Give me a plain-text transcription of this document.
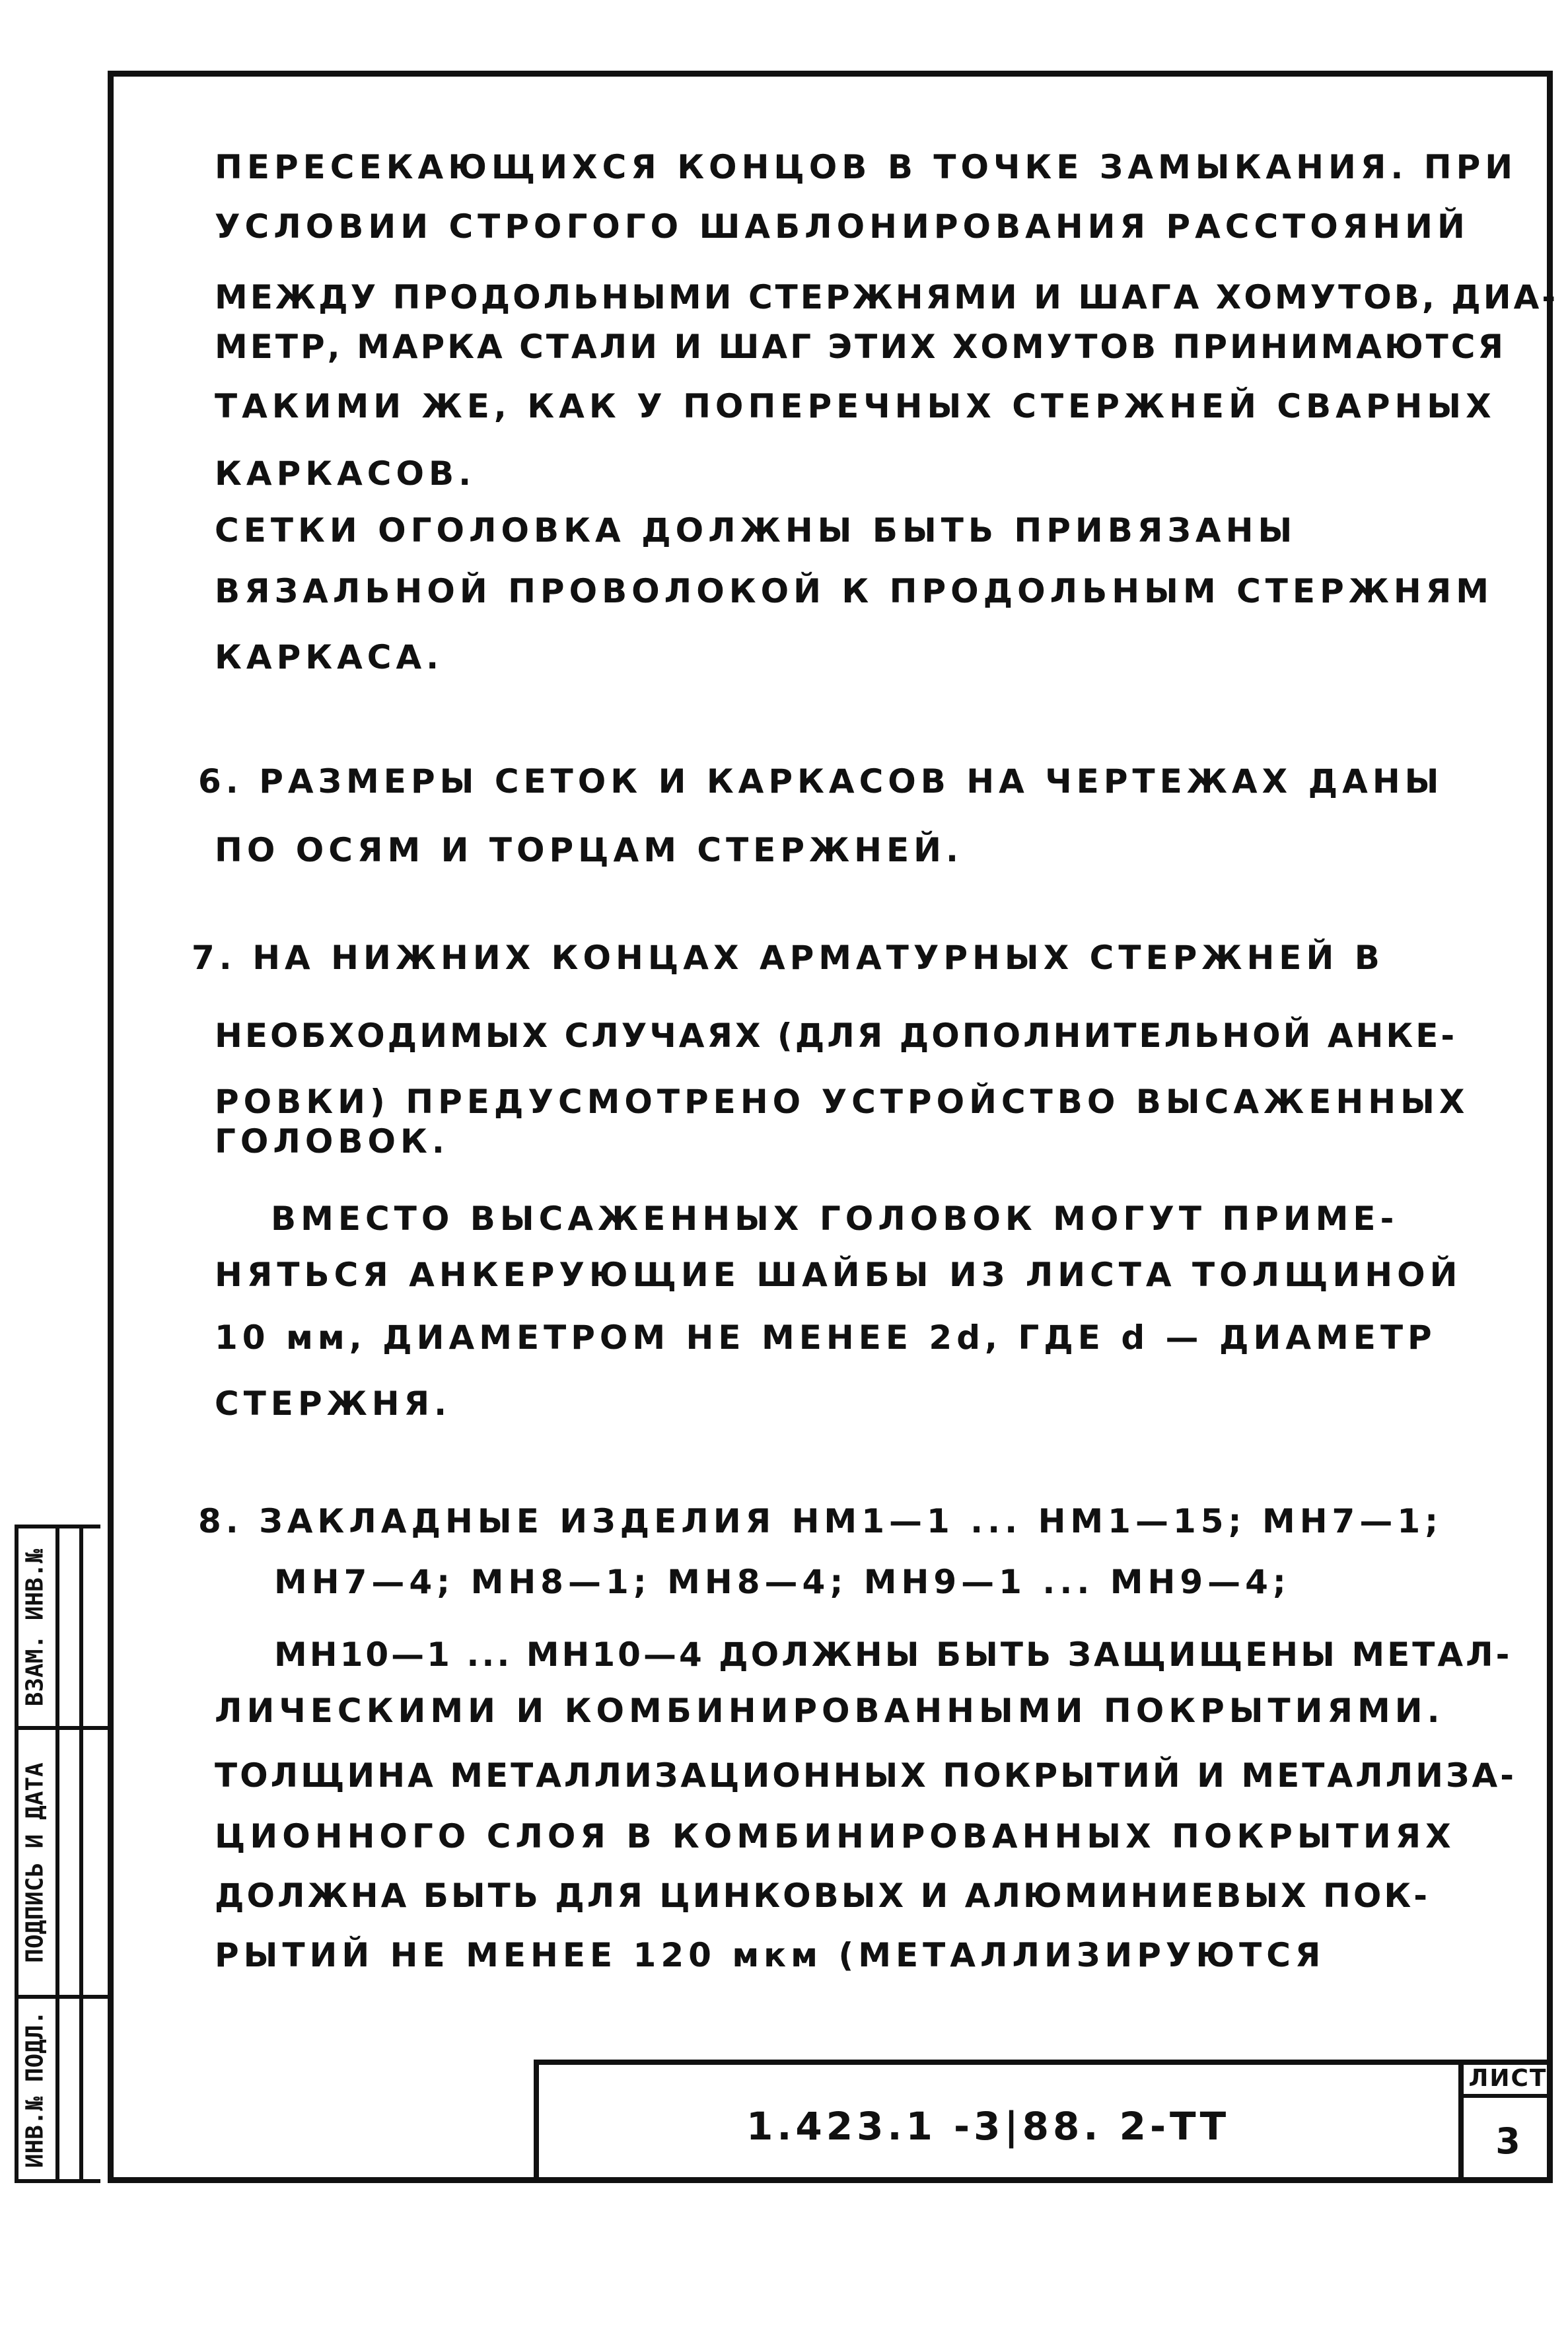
ПЕРЕСЕКАЮЩИХСЯ КОНЦОВ В ТОЧКЕ ЗАМЫКАНИЯ. ПРИ
УСЛОВИИ СТРОГОГО ШАБЛОНИРОВАНИЯ РАССТОЯНИЙ
МЕЖДУ ПРОДОЛЬНЫМИ СТЕРЖНЯМИ И ШАГА ХОМУТОВ, ДИА-
МЕТР, МАРКА СТАЛИ И ШАГ ЭТИХ ХОМУТОВ ПРИНИМАЮТСЯ
ТАКИМИ ЖЕ, КАК У ПОПЕРЕЧНЫХ СТЕРЖНЕЙ СВАРНЫХ
КАРКАСОВ.
СЕТКИ ОГОЛОВКА ДОЛЖНЫ БЫТЬ ПРИВЯЗАНЫ
ВЯЗАЛЬНОЙ ПРОВОЛОКОЙ К ПРОДОЛЬНЫМ СТЕРЖНЯМ
КАРКАСА.
6. РАЗМЕРЫ СЕТОК И КАРКАСОВ НА ЧЕРТЕЖАХ ДАНЫ
ПО ОСЯМ И ТОРЦАМ СТЕРЖНЕЙ.
7. НА НИЖНИХ КОНЦАХ АРМАТУРНЫХ СТЕРЖНЕЙ В
НЕОБХОДИМЫХ СЛУЧАЯХ (ДЛЯ ДОПОЛНИТЕЛЬНОЙ АНКЕ-
РОВКИ) ПРЕДУСМОТРЕНО УСТРОЙСТВО ВЫСАЖЕННЫХ
ГОЛОВОК.
ВМЕСТО ВЫСАЖЕННЫХ ГОЛОВОК МОГУТ ПРИМЕ-
НЯТЬСЯ АНКЕРУЮЩИЕ ШАЙБЫ ИЗ ЛИСТА ТОЛЩИНОЙ
10 мм, ДИАМЕТРОМ НЕ МЕНЕЕ 2d, ГДЕ d — ДИАМЕТР
СТЕРЖНЯ.
8. ЗАКЛАДНЫЕ ИЗДЕЛИЯ НМ1—1 ... НМ1—15; МН7—1;
МН7—4; МН8—1; МН8—4; МН9—1 ... МН9—4;
МН10—1 ... МН10—4 ДОЛЖНЫ БЫТЬ ЗАЩИЩЕНЫ МЕТАЛ-
ЛИЧЕСКИМИ И КОМБИНИРОВАННЫМИ ПОКРЫТИЯМИ.
ТОЛЩИНА МЕТАЛЛИЗАЦИОННЫХ ПОКРЫТИЙ И МЕТАЛЛИЗА-
ЦИОННОГО СЛОЯ В КОМБИНИРОВАННЫХ ПОКРЫТИЯХ
ДОЛЖНА БЫТЬ ДЛЯ ЦИНКОВЫХ И АЛЮМИНИЕВЫХ ПОК-
РЫТИЙ НЕ МЕНЕЕ 120 мкм (МЕТАЛЛИЗИРУЮТСЯ
1.423.1 -3|88. 2-ТТ
ЛИСТ
3
ВЗАМ. ИНВ.№
ПОДПИСЬ И ДАТА
ИНВ.№ ПОДЛ.
